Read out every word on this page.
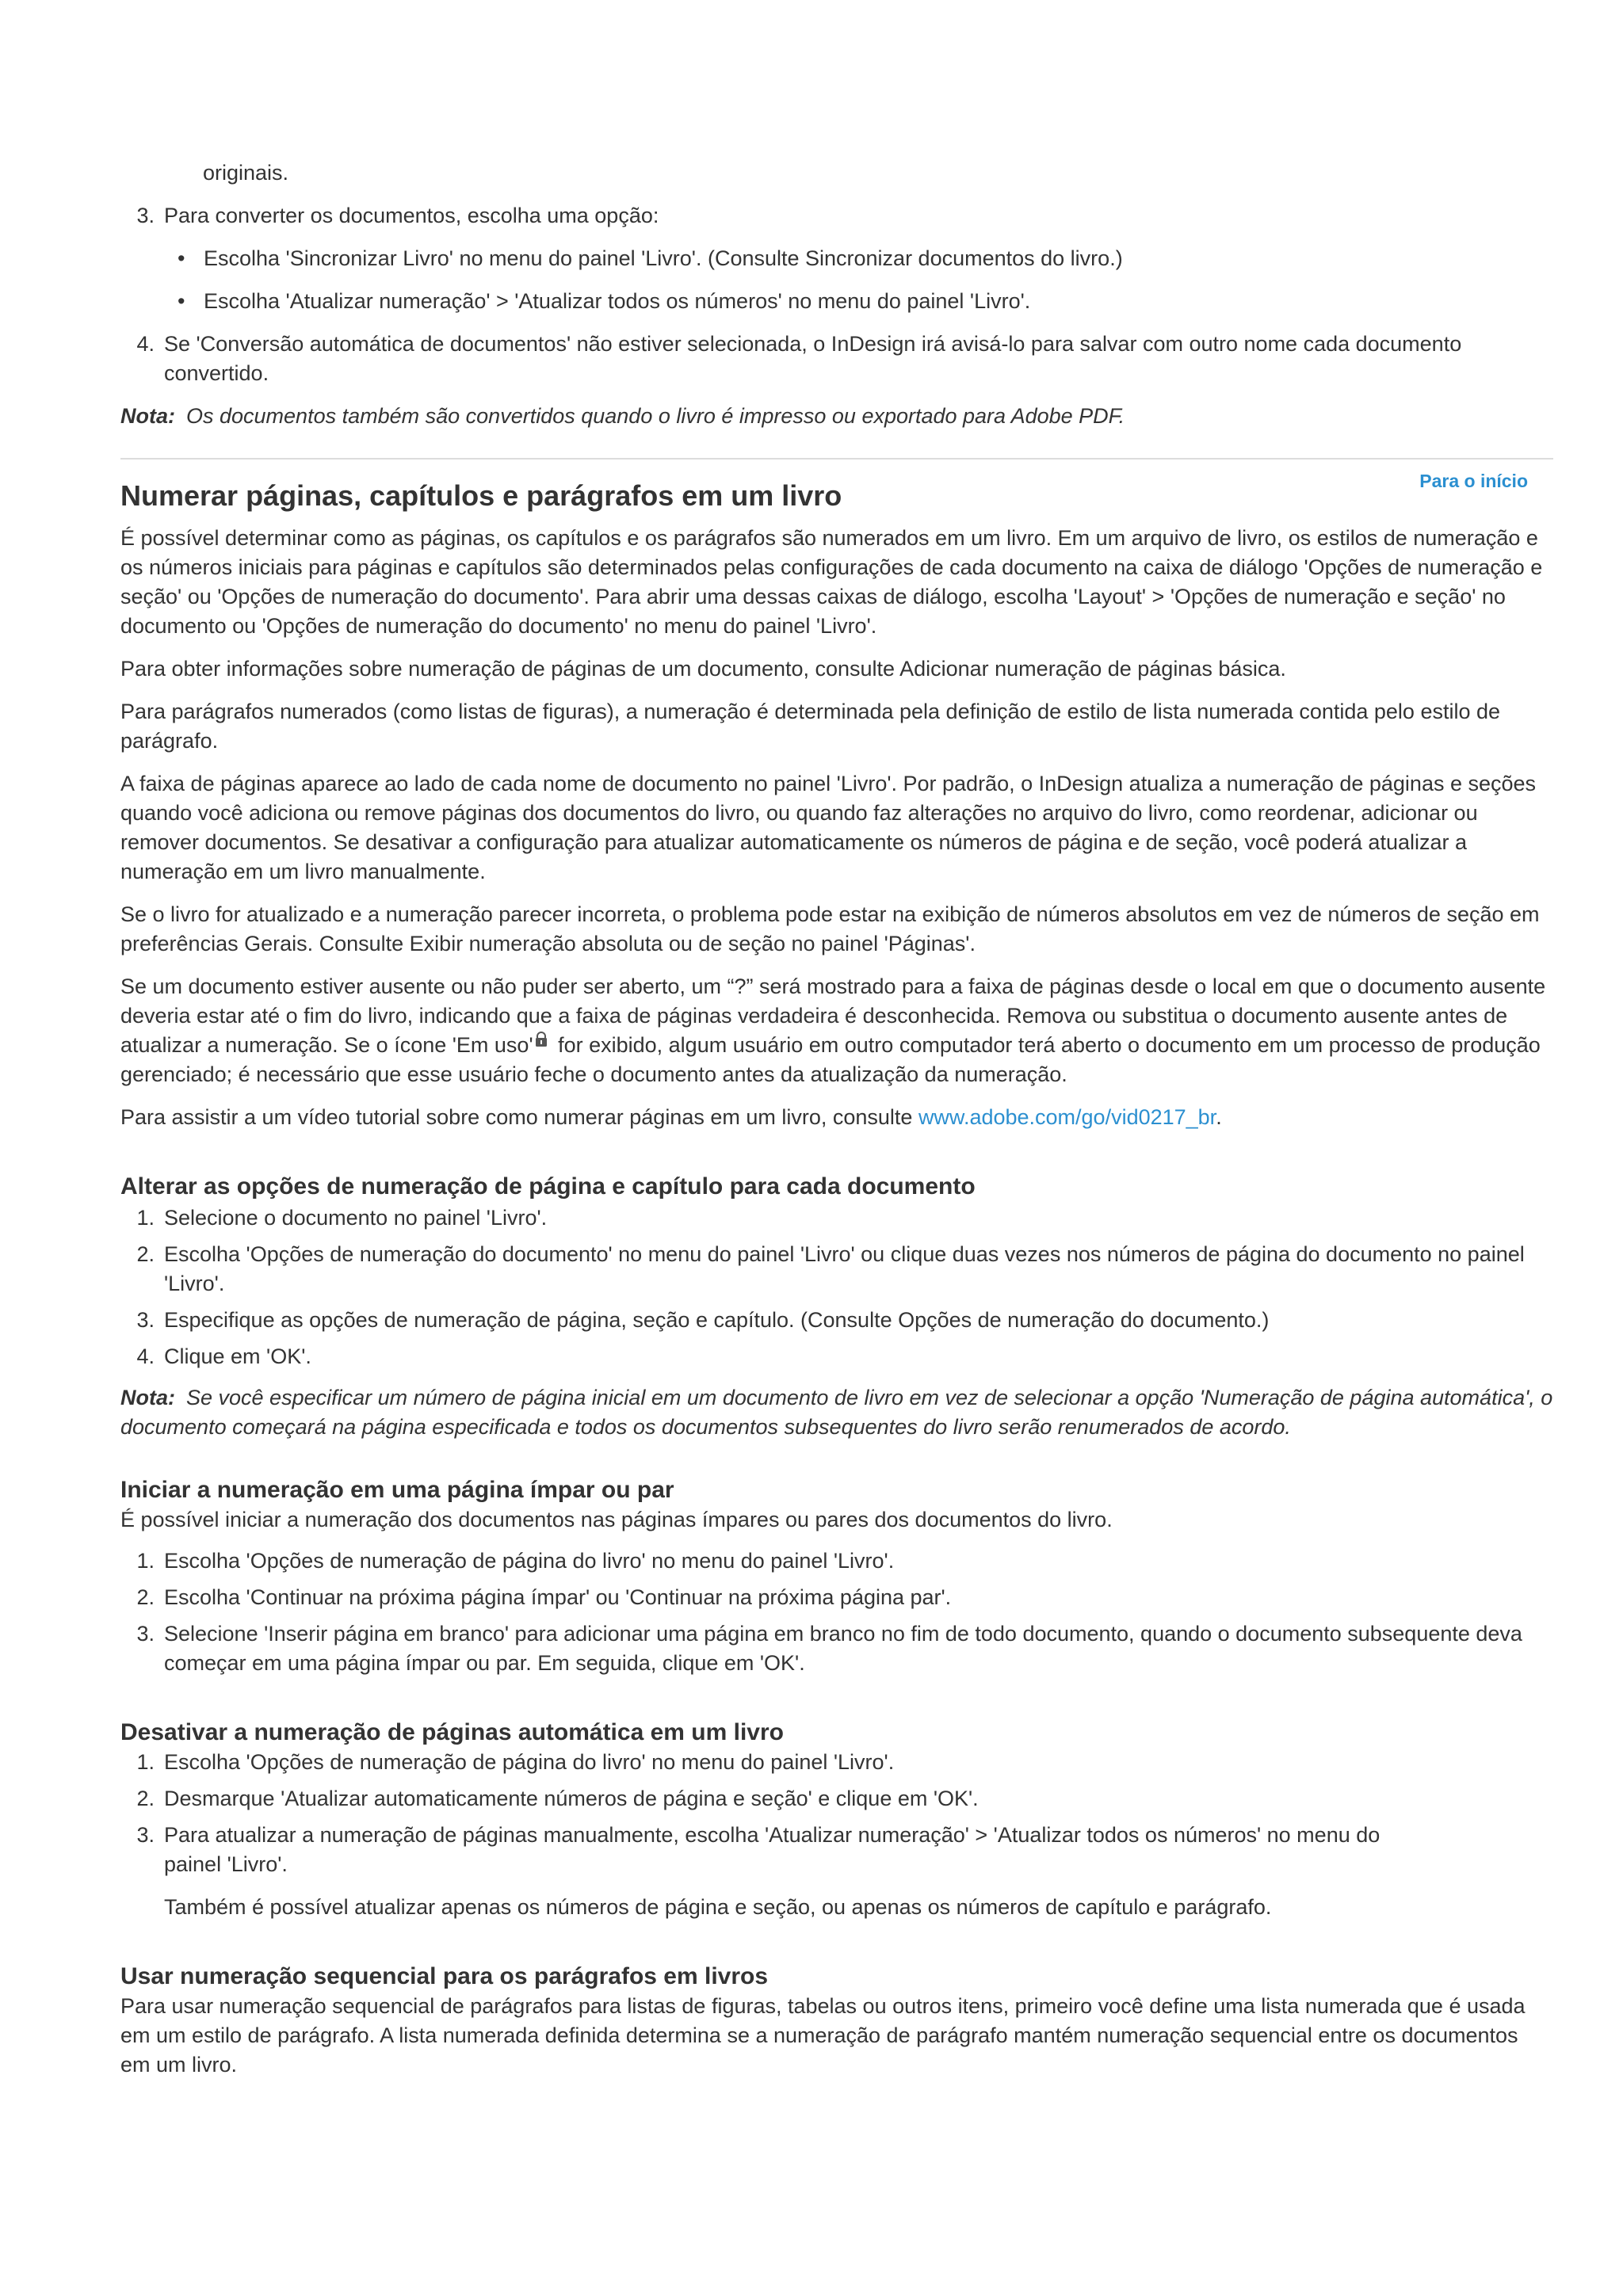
originais.

3. Para converter os documentos, escolha uma opção:
• Escolha 'Sincronizar Livro' no menu do painel 'Livro'. (Consulte Sincronizar documentos do livro.)
• Escolha 'Atualizar numeração' > 'Atualizar todos os números' no menu do painel 'Livro'.
4. Se 'Conversão automática de documentos' não estiver selecionada, o InDesign irá avisá-lo para salvar com outro nome cada documento convertido.

Nota: Os documentos também são convertidos quando o livro é impresso ou exportado para Adobe PDF.

Para o início
Numerar páginas, capítulos e parágrafos em um livro

É possível determinar como as páginas, os capítulos e os parágrafos são numerados em um livro. Em um arquivo de livro, os estilos de numeração e os números iniciais para páginas e capítulos são determinados pelas configurações de cada documento na caixa de diálogo 'Opções de numeração e seção' ou 'Opções de numeração do documento'. Para abrir uma dessas caixas de diálogo, escolha 'Layout' > 'Opções de numeração e seção' no documento ou 'Opções de numeração do documento' no menu do painel 'Livro'.

Para obter informações sobre numeração de páginas de um documento, consulte Adicionar numeração de páginas básica.

Para parágrafos numerados (como listas de figuras), a numeração é determinada pela definição de estilo de lista numerada contida pelo estilo de parágrafo.

A faixa de páginas aparece ao lado de cada nome de documento no painel 'Livro'. Por padrão, o InDesign atualiza a numeração de páginas e seções quando você adiciona ou remove páginas dos documentos do livro, ou quando faz alterações no arquivo do livro, como reordenar, adicionar ou remover documentos. Se desativar a configuração para atualizar automaticamente os números de página e de seção, você poderá atualizar a numeração em um livro manualmente.

Se o livro for atualizado e a numeração parecer incorreta, o problema pode estar na exibição de números absolutos em vez de números de seção em preferências Gerais. Consulte Exibir numeração absoluta ou de seção no painel 'Páginas'.

Se um documento estiver ausente ou não puder ser aberto, um “?” será mostrado para a faixa de páginas desde o local em que o documento ausente deveria estar até o fim do livro, indicando que a faixa de páginas verdadeira é desconhecida. Remova ou substitua o documento ausente antes de atualizar a numeração. Se o ícone 'Em uso' for exibido, algum usuário em outro computador terá aberto o documento em um processo de produção gerenciado; é necessário que esse usuário feche o documento antes da atualização da numeração.

Para assistir a um vídeo tutorial sobre como numerar páginas em um livro, consulte www.adobe.com/go/vid0217_br.

Alterar as opções de numeração de página e capítulo para cada documento
1. Selecione o documento no painel 'Livro'.
2. Escolha 'Opções de numeração do documento' no menu do painel 'Livro' ou clique duas vezes nos números de página do documento no painel 'Livro'.
3. Especifique as opções de numeração de página, seção e capítulo. (Consulte Opções de numeração do documento.)
4. Clique em 'OK'.

Nota: Se você especificar um número de página inicial em um documento de livro em vez de selecionar a opção 'Numeração de página automática', o documento começará na página especificada e todos os documentos subsequentes do livro serão renumerados de acordo.

Iniciar a numeração em uma página ímpar ou par

É possível iniciar a numeração dos documentos nas páginas ímpares ou pares dos documentos do livro.

1. Escolha 'Opções de numeração de página do livro' no menu do painel 'Livro'.
2. Escolha 'Continuar na próxima página ímpar' ou 'Continuar na próxima página par'.
3. Selecione 'Inserir página em branco' para adicionar uma página em branco no fim de todo documento, quando o documento subsequente deva começar em uma página ímpar ou par. Em seguida, clique em 'OK'.
Desativar a numeração de páginas automática em um livro
1. Escolha 'Opções de numeração de página do livro' no menu do painel 'Livro'.
2. Desmarque 'Atualizar automaticamente números de página e seção' e clique em 'OK'.
3. Para atualizar a numeração de páginas manualmente, escolha 'Atualizar numeração' > 'Atualizar todos os números' no menu do painel 'Livro'.

Também é possível atualizar apenas os números de página e seção, ou apenas os números de capítulo e parágrafo.

Usar numeração sequencial para os parágrafos em livros

Para usar numeração sequencial de parágrafos para listas de figuras, tabelas ou outros itens, primeiro você define uma lista numerada que é usada em um estilo de parágrafo. A lista numerada definida determina se a numeração de parágrafo mantém numeração sequencial entre os documentos em um livro.
